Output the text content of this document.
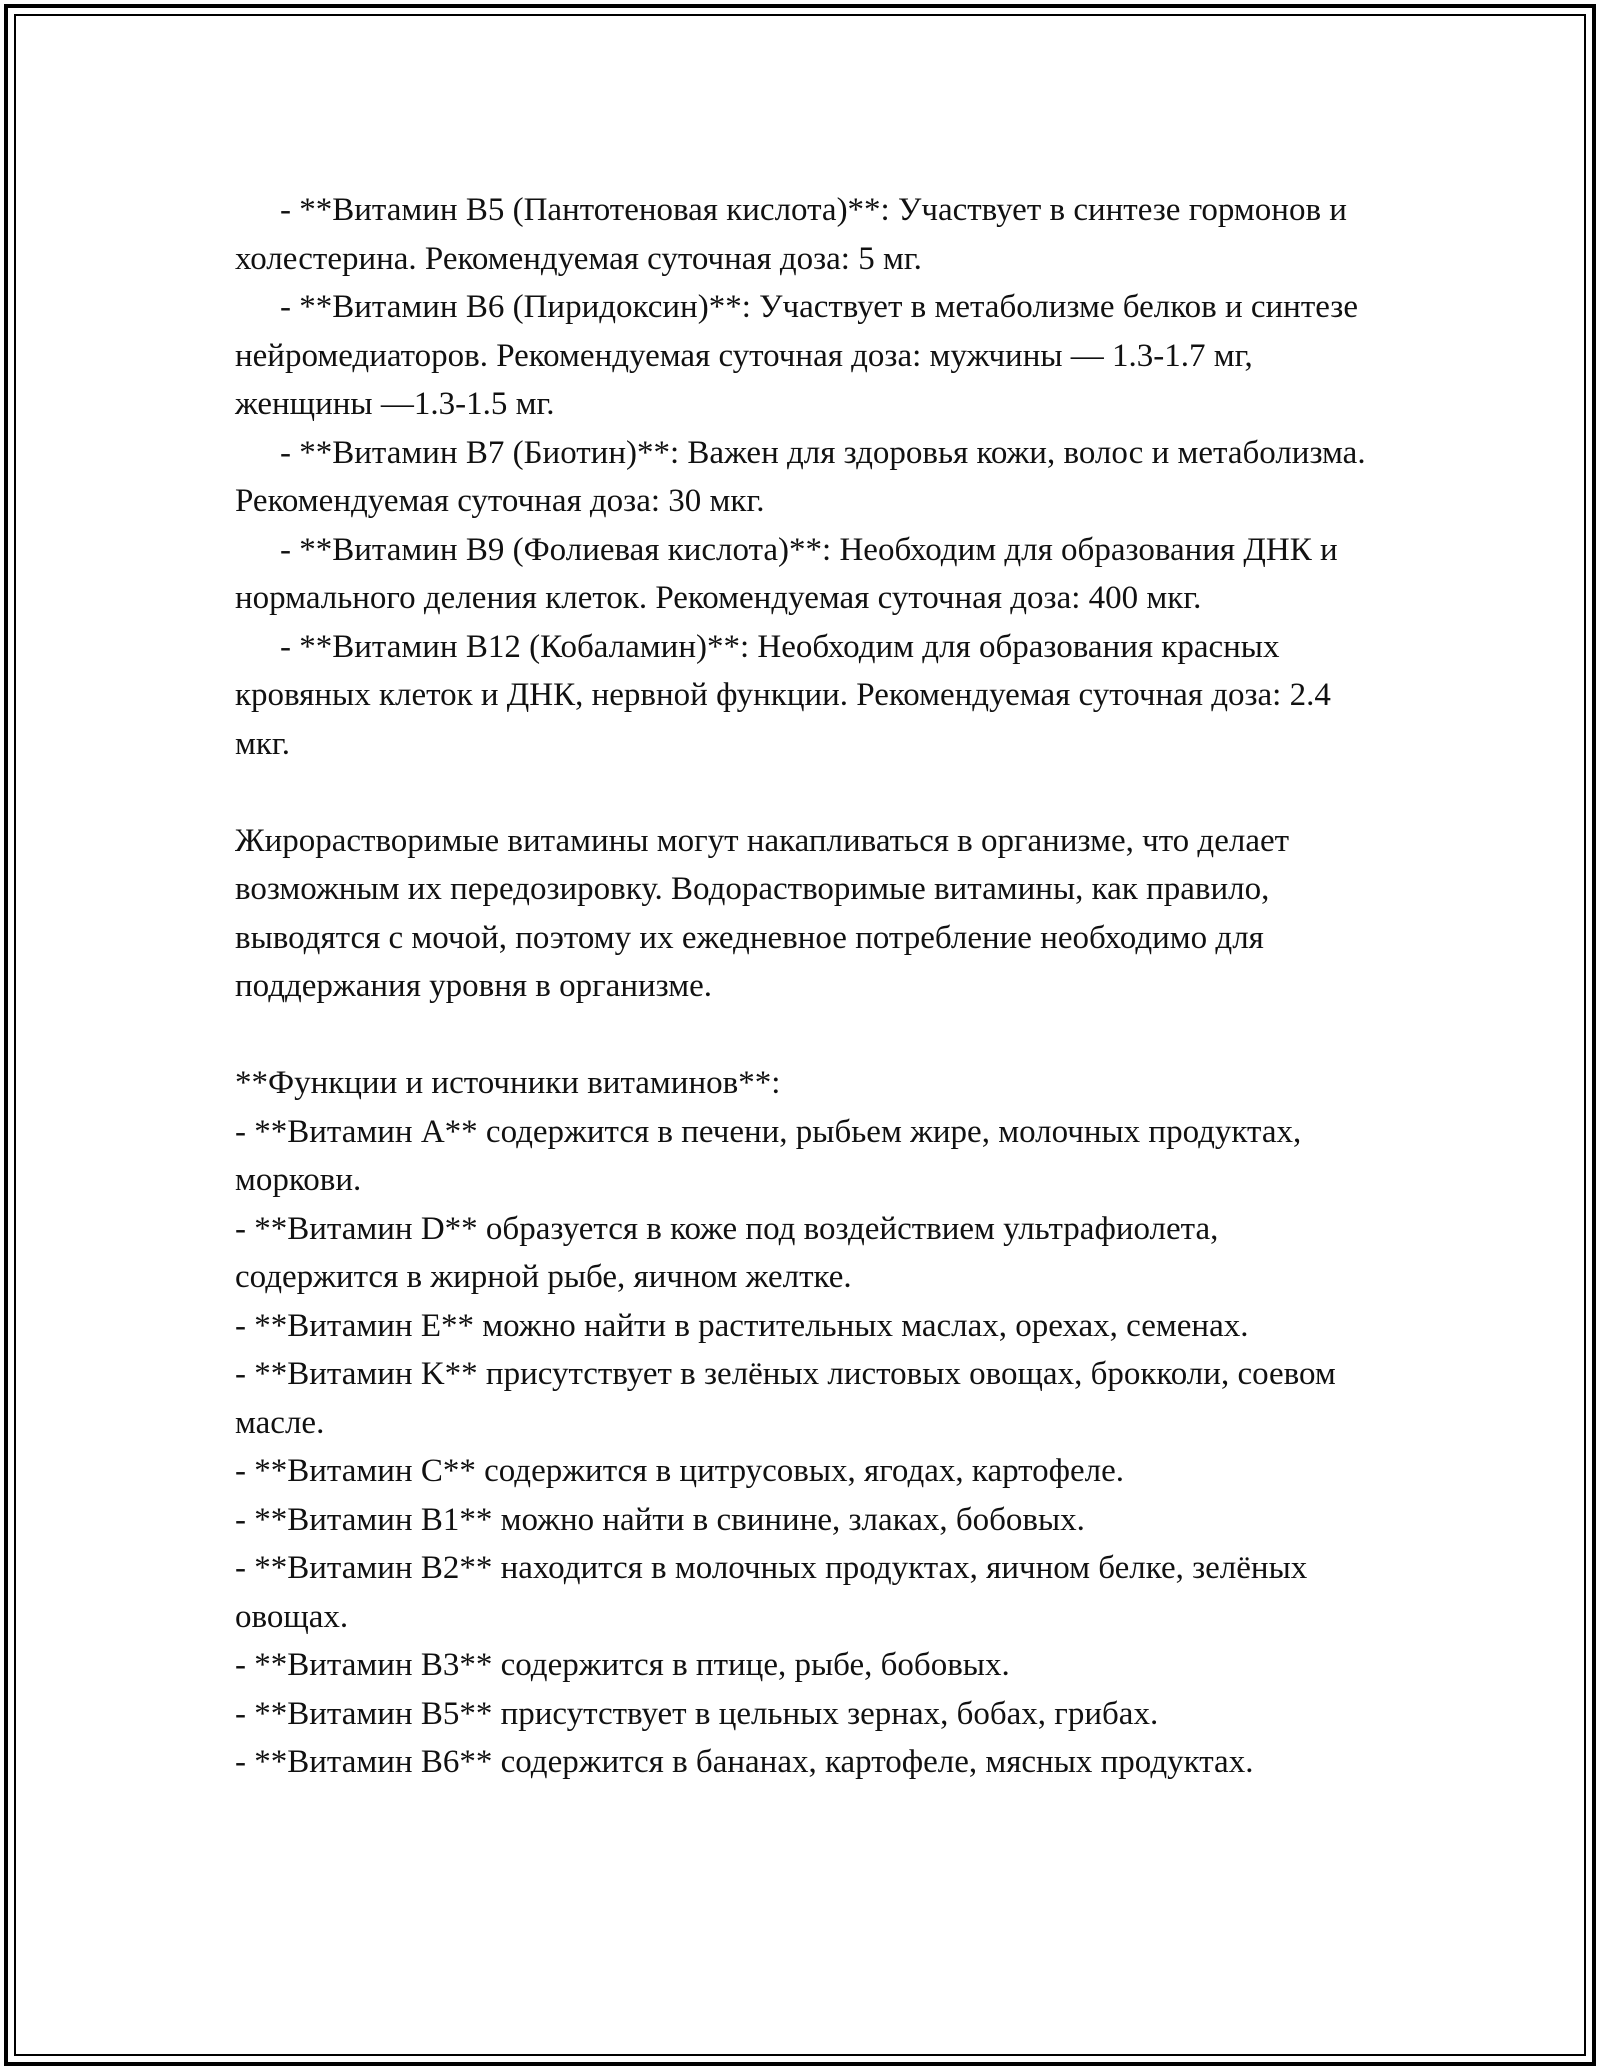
- **Витамин B5 (Пантотеновая кислота)**: Участвует в синтезе гормонов и холестерина. Рекомендуемая суточная доза: 5 мг.

- **Витамин B6 (Пиридоксин)**: Участвует в метаболизме белков и синтезе нейромедиаторов. Рекомендуемая суточная доза: мужчины — 1.3-1.7 мг, женщины —1.3-1.5 мг.

- **Витамин B7 (Биотин)**: Важен для здоровья кожи, волос и метаболизма. Рекомендуемая суточная доза: 30 мкг.

- **Витамин B9 (Фолиевая кислота)**: Необходим для образования ДНК и нормального деления клеток. Рекомендуемая суточная доза: 400 мкг.

- **Витамин B12 (Кобаламин)**: Необходим для образования красных кровяных клеток и ДНК, нервной функции. Рекомендуемая суточная доза: 2.4 мкг.

Жирорастворимые витамины могут накапливаться в организме, что делает возможным их передозировку. Водорастворимые витамины, как правило, выводятся с мочой, поэтому их ежедневное потребление необходимо для поддержания уровня в организме.

**Функции и источники витаминов**:

- **Витамин A** содержится в печени, рыбьем жире, молочных продуктах, моркови.

- **Витамин D** образуется в коже под воздействием ультрафиолета, содержится в жирной рыбе, яичном желтке.

- **Витамин E** можно найти в растительных маслах, орехах, семенах.

- **Витамин K** присутствует в зелёных листовых овощах, брокколи, соевом масле.

- **Витамин C** содержится в цитрусовых, ягодах, картофеле.

- **Витамин B1** можно найти в свинине, злаках, бобовых.

- **Витамин B2** находится в молочных продуктах, яичном белке, зелёных овощах.

- **Витамин B3** содержится в птице, рыбе, бобовых.

- **Витамин B5** присутствует в цельных зернах, бобах, грибах.

- **Витамин B6** содержится в бананах, картофеле, мясных продуктах.
